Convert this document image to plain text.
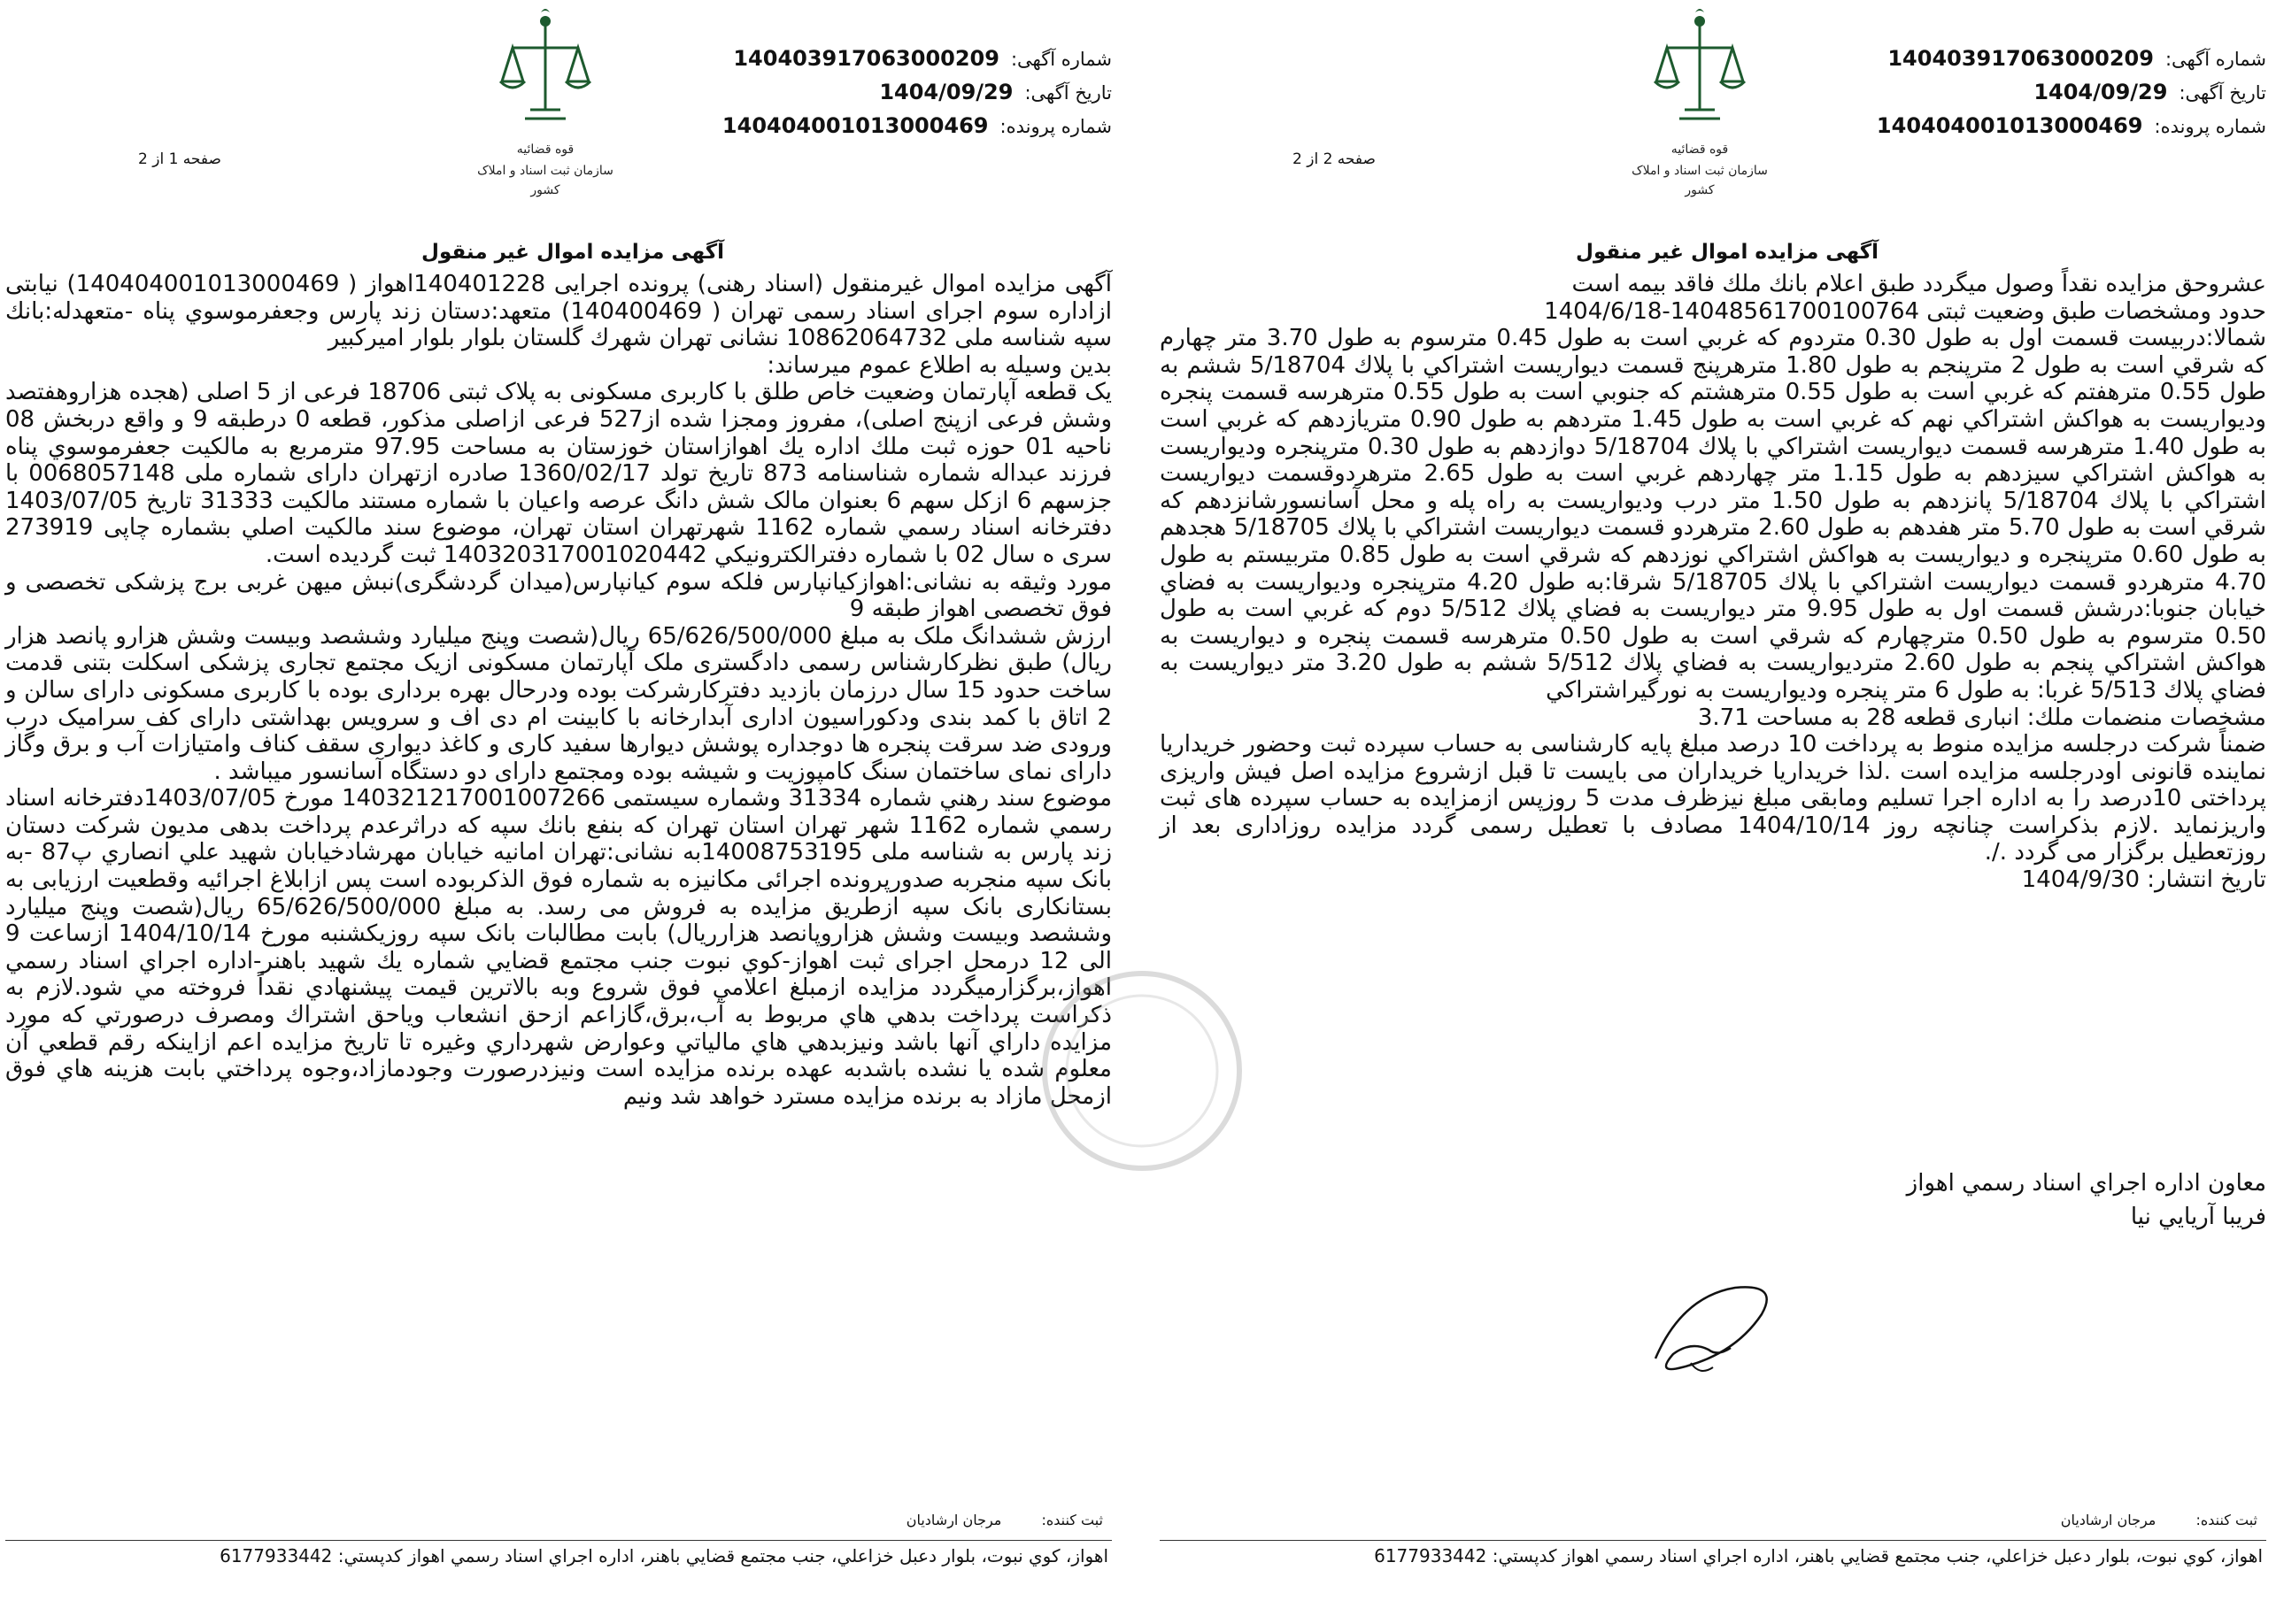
شماره آگهی: 140403917063000209
تاریخ آگهی: 1404/09/29
شماره پرونده: 140404001013000469
قوه قضائیه
سازمان ثبت اسناد و املاک کشور
صفحه 1 از 2
آگهی مزایده اموال غیر منقول

آگهی مزایده اموال غیرمنقول (اسناد رهنی) پرونده اجرایی 140401228اهواز ( 140404001013000469) نیابتی ازاداره سوم اجرای اسناد رسمی تهران ( 140400469) متعهد:دستان زند پارس وجعفرموسوي پناه -متعهدله:بانك سپه شناسه ملی 10862064732 نشانی تهران شهرك گلستان بلوار بلوار اميركبير

بدین وسیله به اطلاع عموم میرساند:

یک قطعه آپارتمان وضعیت خاص طلق با کاربری مسکونی به پلاک ثبتی 18706 فرعی از 5 اصلی (هجده هزاروهفتصد وشش فرعی ازپنج اصلی)، مفروز ومجزا شده از527 فرعی ازاصلی مذکور، قطعه 0 درطبقه 9 و واقع دربخش 08 ناحیه 01 حوزه ثبت ملك اداره يك اهوازاستان خوزستان به مساحت 97.95 مترمربع به مالکیت جعفرموسوي پناه فرزند عبداله شماره شناسنامه 873 تاریخ تولد 1360/02/17 صادره ازتهران دارای شماره ملی 0068057148 با جزسهم 6 ازكل سهم 6 بعنوان مالک شش دانگ عرصه واعیان با شماره مستند مالكيت 31333 تاریخ 1403/07/05 دفترخانه اسناد رسمي شماره 1162 شهرتهران استان تهران، موضوع سند مالکیت اصلي بشماره چاپی 273919 سری ه سال 02 با شماره دفترالكترونيكي 140320317001020442 ثبت گرديده است.

مورد وثیقه به نشانی:اهوازكيانپارس فلكه سوم كيانپارس(میدان گردشگری)نبش میهن غربی برج پزشکی تخصصی و فوق تخصصی اهواز طبقه 9

ارزش ششدانگ ملک به مبلغ 65/626/500/000 ریال(شصت وپنج میلیارد وششصد وبیست وشش هزارو پانصد هزار ریال) طبق نظرکارشناس رسمی دادگستری ملک آپارتمان مسکونی ازیک مجتمع تجاری پزشکی اسکلت بتنی قدمت ساخت حدود 15 سال درزمان بازدید دفترکارشرکت بوده ودرحال بهره برداری بوده با کاربری مسکونی دارای سالن و 2 اتاق با کمد بندی ودکوراسیون اداری آبدارخانه با کابینت ام دی اف و سرویس بهداشتی دارای کف سرامیک درب ورودی ضد سرقت پنجره ها دوجداره پوشش دیوارها سفید کاری و کاغذ دیواری سقف کناف وامتیازات آب و برق وگاز دارای نمای ساختمان سنگ کامپوزیت و شیشه بوده ومجتمع دارای دو دستگاه آسانسور میباشد .

موضوع سند رهني شماره 31334 وشماره سیستمی 140321217001007266 مورخ 1403/07/05دفترخانه اسناد رسمي شماره 1162 شهر تهران استان تهران که بنفع بانك سپه که دراثرعدم پرداخت بدهی مدیون شرکت دستان زند پارس به شناسه ملی 14008753195به نشانی:تهران امانیه خیابان مهرشادخيابان شهيد علي انصاري پ87 -به بانک سپه منجربه صدورپرونده اجرائی مکانیزه به شماره فوق الذکربوده است پس ازابلاغ اجرائیه وقطعیت ارزیابی به بستانکاری بانک سپه ازطریق مزایده به فروش می رسد. به مبلغ 65/626/500/000 ریال(شصت وپنج ميليارد وششصد وبيست وشش هزاروپانصد هزارريال) بابت مطالبات بانک سپه روزیکشنبه مورخ 1404/10/14 ازساعت 9 الی 12 درمحل اجرای ثبت اهواز-كوي نبوت جنب مجتمع قضايي شماره يك شهيد باهنر-اداره اجراي اسناد رسمي اهواز،برگزارمیگردد مزایده ازمبلغ اعلامي فوق شروع وبه بالاترین قیمت پیشنهادي نقداً فروخته مي شود.لازم به ذکراست پرداخت بدهي هاي مربوط به آب،برق،گازاعم ازحق انشعاب وياحق اشتراك ومصرف درصورتي كه مورد مزايده داراي آنها باشد ونيزبدهي هاي مالياتي وعوارض شهرداري وغيره تا تاريخ مزايده اعم ازاينكه رقم قطعي آن معلوم شده يا نشده باشدبه عهده برنده مزايده است ونيزدرصورت وجودمازاد،وجوه پرداختي بابت هزينه هاي فوق ازمحل مازاد به برنده مزايده مسترد خواهد شد ونيم

ثبت کننده: مرجان ارشاديان
اهواز، كوي نبوت، بلوار دعبل خزاعلي، جنب مجتمع قضايي باهنر، اداره اجراي اسناد رسمي اهواز كدپستي: 6177933442
شماره آگهی: 140403917063000209
تاریخ آگهی: 1404/09/29
شماره پرونده: 140404001013000469
قوه قضائیه
سازمان ثبت اسناد و املاک کشور
صفحه 2 از 2
آگهی مزایده اموال غیر منقول

عشروحق مزایده نقداً وصول میگردد طبق اعلام بانك ملك فاقد بیمه است

حدود ومشخصات طبق وضعیت ثبتی 14048561700100764-1404/6/18

شمالا:دربیست قسمت اول به طول 0.30 متردوم كه غربي است به طول 0.45 مترسوم به طول 3.70 متر چهارم كه شرقي است به طول 2 مترپنجم به طول 1.80 مترهرپنج قسمت ديواريست اشتراكي با پلاك 5/18704 ششم به طول 0.55 مترهفتم كه غربي است به طول 0.55 مترهشتم كه جنوبي است به طول 0.55 مترهرسه قسمت پنجره وديواريست به هواكش اشتراكي نهم كه غربي است به طول 1.45 متردهم به طول 0.90 متريازدهم كه غربي است به طول 1.40 مترهرسه قسمت ديواريست اشتراكي با پلاك 5/18704 دوازدهم به طول 0.30 مترپنجره وديواريست به هواكش اشتراكي سيزدهم به طول 1.15 متر چهاردهم غربي است به طول 2.65 مترهردوقسمت ديواريست اشتراكي با پلاك 5/18704 پانزدهم به طول 1.50 متر درب وديواريست به راه پله و محل آسانسورشانزدهم كه شرقي است به طول 5.70 متر هفدهم به طول 2.60 مترهردو قسمت ديواريست اشتراكي با پلاك 5/18705 هجدهم به طول 0.60 مترپنجره و ديواريست به هواكش اشتراكي نوزدهم كه شرقي است به طول 0.85 متربيستم به طول 4.70 مترهردو قسمت ديواريست اشتراكي با پلاك 5/18705 شرقا:به طول 4.20 مترپنجره وديواريست به فضاي خيابان جنوبا:درشش قسمت اول به طول 9.95 متر ديواريست به فضاي پلاك 5/512 دوم كه غربي است به طول 0.50 مترسوم به طول 0.50 مترچهارم كه شرقي است به طول 0.50 مترهرسه قسمت پنجره و ديواريست به هواكش اشتراكي پنجم به طول 2.60 متردیواريست به فضاي پلاك 5/512 ششم به طول 3.20 متر ديواريست به فضاي پلاك 5/513 غربا: به طول 6 متر پنجره وديواريست به نورگيراشتراكي

مشخصات منضمات ملك: انباری قطعه 28 به مساحت 3.71

ضمناً شرکت درجلسه مزایده منوط به پرداخت 10 درصد مبلغ پایه کارشناسی به حساب سپرده ثبت وحضور خریداریا نماینده قانونی اودرجلسه مزایده است .لذا خریداریا خریداران می بایست تا قبل ازشروع مزایده اصل فیش واریزی پرداختی 10درصد را به اداره اجرا تسلیم ومابقی مبلغ نیزظرف مدت 5 روزپس ازمزایده به حساب سپرده های ثبت واریزنماید .لازم بذکراست چنانچه روز 1404/10/14 مصادف با تعطیل رسمی گردد مزایده روزاداری بعد از روزتعطیل برگزار می گردد ./.

تاریخ انتشار: 1404/9/30

معاون اداره اجراي اسناد رسمي اهواز
فريبا آريايي نيا
ثبت کننده: مرجان ارشاديان
اهواز، كوي نبوت، بلوار دعبل خزاعلي، جنب مجتمع قضايي باهنر، اداره اجراي اسناد رسمي اهواز كدپستي: 6177933442
